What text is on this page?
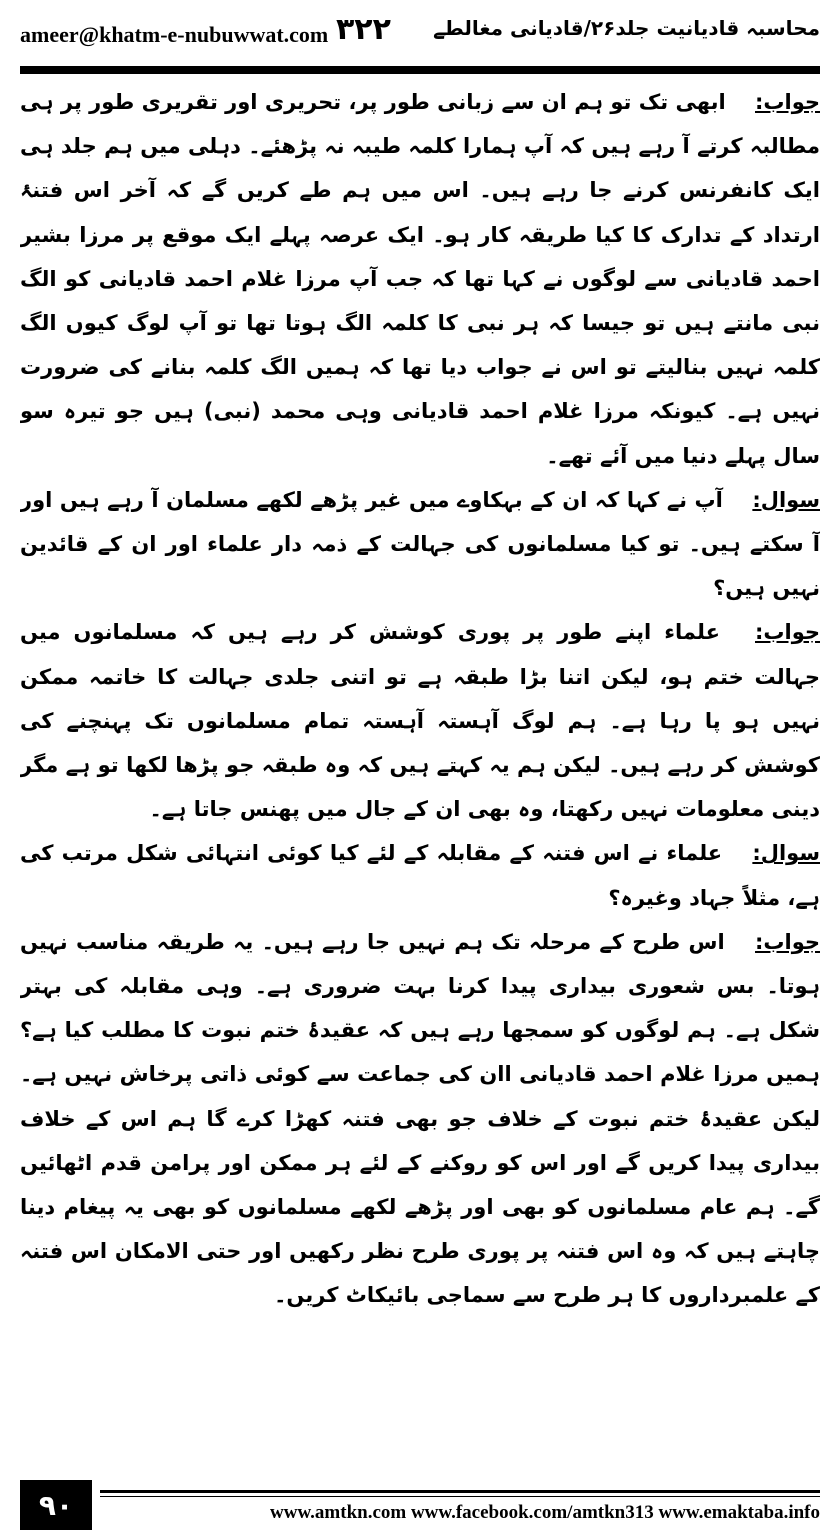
ameer@khatm-e-nubuwwat.com ۳۲۲ محاسبہ قادیانیت جلد۲۶/قادیانی مغالطے

جواب: ابھی تک تو ہم ان سے زبانی طور پر، تحریری اور تقریری طور پر ہی مطالبہ کرتے آ رہے ہیں کہ آپ ہمارا کلمہ طیبہ نہ پڑھئے۔ دہلی میں ہم جلد ہی ایک کانفرنس کرنے جا رہے ہیں۔ اس میں ہم طے کریں گے کہ آخر اس فتنۂ ارتداد کے تدارک کا کیا طریقہ کار ہو۔ ایک عرصہ پہلے ایک موقع پر مرزا بشیر احمد قادیانی سے لوگوں نے کہا تھا کہ جب آپ مرزا غلام احمد قادیانی کو الگ نبی مانتے ہیں تو جیسا کہ ہر نبی کا کلمہ الگ ہوتا تھا تو آپ لوگ کیوں الگ کلمہ نہیں بنالیتے تو اس نے جواب دیا تھا کہ ہمیں الگ کلمہ بنانے کی ضرورت نہیں ہے۔ کیونکہ مرزا غلام احمد قادیانی وہی محمد (نبی) ہیں جو تیرہ سو سال پہلے دنیا میں آئے تھے۔

سوال: آپ نے کہا کہ ان کے بہکاوے میں غیر پڑھے لکھے مسلمان آ رہے ہیں اور آ سکتے ہیں۔ تو کیا مسلمانوں کی جہالت کے ذمہ دار علماء اور ان کے قائدین نہیں ہیں؟

جواب: علماء اپنے طور پر پوری کوشش کر رہے ہیں کہ مسلمانوں میں جہالت ختم ہو، لیکن اتنا بڑا طبقہ ہے تو اتنی جلدی جہالت کا خاتمہ ممکن نہیں ہو پا رہا ہے۔ ہم لوگ آہستہ آہستہ تمام مسلمانوں تک پہنچنے کی کوشش کر رہے ہیں۔ لیکن ہم یہ کہتے ہیں کہ وہ طبقہ جو پڑھا لکھا تو ہے مگر دینی معلومات نہیں رکھتا، وہ بھی ان کے جال میں پھنس جاتا ہے۔

سوال: علماء نے اس فتنہ کے مقابلہ کے لئے کیا کوئی انتہائی شکل مرتب کی ہے، مثلاً جہاد وغیرہ؟

جواب: اس طرح کے مرحلہ تک ہم نہیں جا رہے ہیں۔ یہ طریقہ مناسب نہیں ہوتا۔ بس شعوری بیداری پیدا کرنا بہت ضروری ہے۔ وہی مقابلہ کی بہتر شکل ہے۔ ہم لوگوں کو سمجھا رہے ہیں کہ عقیدۂ ختم نبوت کا مطلب کیا ہے؟ ہمیں مرزا غلام احمد قادیانی اان کی جماعت سے کوئی ذاتی پرخاش نہیں ہے۔ لیکن عقیدۂ ختم نبوت کے خلاف جو بھی فتنہ کھڑا کرے گا ہم اس کے خلاف بیداری پیدا کریں گے اور اس کو روکنے کے لئے ہر ممکن اور پرامن قدم اٹھائیں گے۔ ہم عام مسلمانوں کو بھی اور پڑھے لکھے مسلمانوں کو بھی یہ پیغام دینا چاہتے ہیں کہ وہ اس فتنہ پر پوری طرح نظر رکھیں اور حتی الامکان اس فتنہ کے علمبرداروں کا ہر طرح سے سماجی بائیکاٹ کریں۔

۹۰	www.amtkn.com www.facebook.com/amtkn313 www.emaktaba.info
